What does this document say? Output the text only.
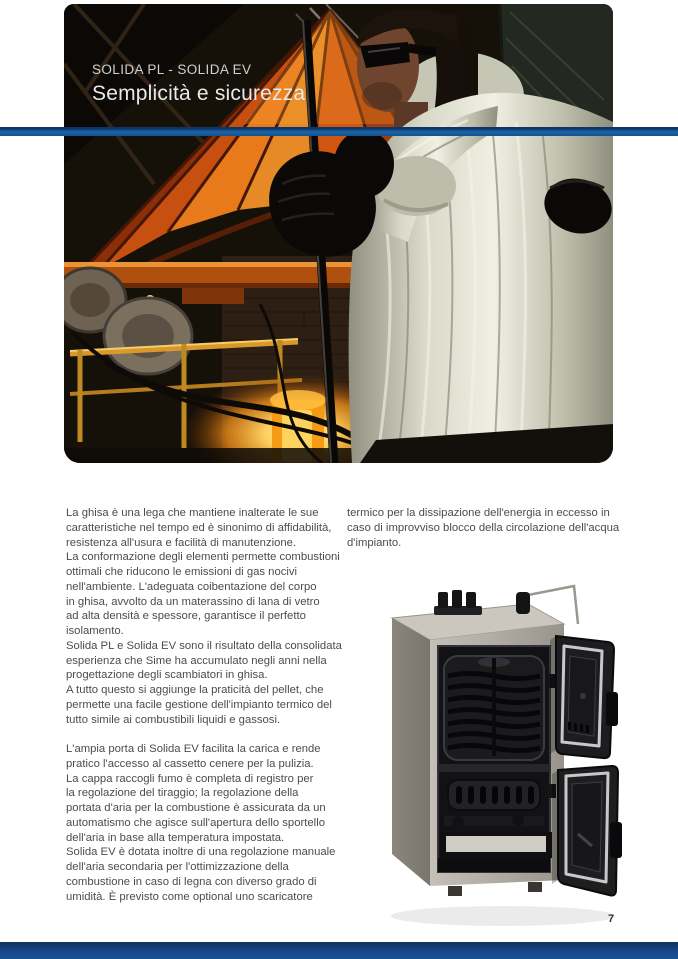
SOLIDA PL - SOLIDA EV
Semplicità e sicurezza
La ghisa è una lega che mantiene inalterate le sue
caratteristiche nel tempo ed è sinonimo di affidabilità,
resistenza all'usura e facilità di manutenzione.
La conformazione degli elementi permette combustioni
ottimali che riducono le emissioni di gas nocivi
nell'ambiente. L'adeguata coibentazione del corpo
in ghisa, avvolto da un materassino di lana di vetro
ad alta densità e spessore, garantisce il perfetto
isolamento.
Solida PL e Solida EV sono il risultato della consolidata
esperienza che Sime ha accumulato negli anni nella
progettazione degli scambiatori in ghisa.
A tutto questo si aggiunge la praticità del pellet, che
permette una facile gestione dell'impianto termico del
tutto simile ai combustibili liquidi e gassosi.

L'ampia porta di Solida EV facilita la carica e rende
pratico l'accesso al cassetto cenere per la pulizia.
La cappa raccogli fumo è completa di registro per
la regolazione del tiraggio; la regolazione della
portata d'aria per la combustione è assicurata da un
automatismo che agisce sull'apertura dello sportello
dell'aria in base alla temperatura impostata.
Solida EV è dotata inoltre di una regolazione manuale
dell'aria secondaria per l'ottimizzazione della
combustione in caso di legna con diverso grado di
umidità. È previsto come optional uno scaricatore
termico per la dissipazione dell'energia in eccesso in
caso di improvviso blocco della circolazione dell'acqua
d'impianto.
7
